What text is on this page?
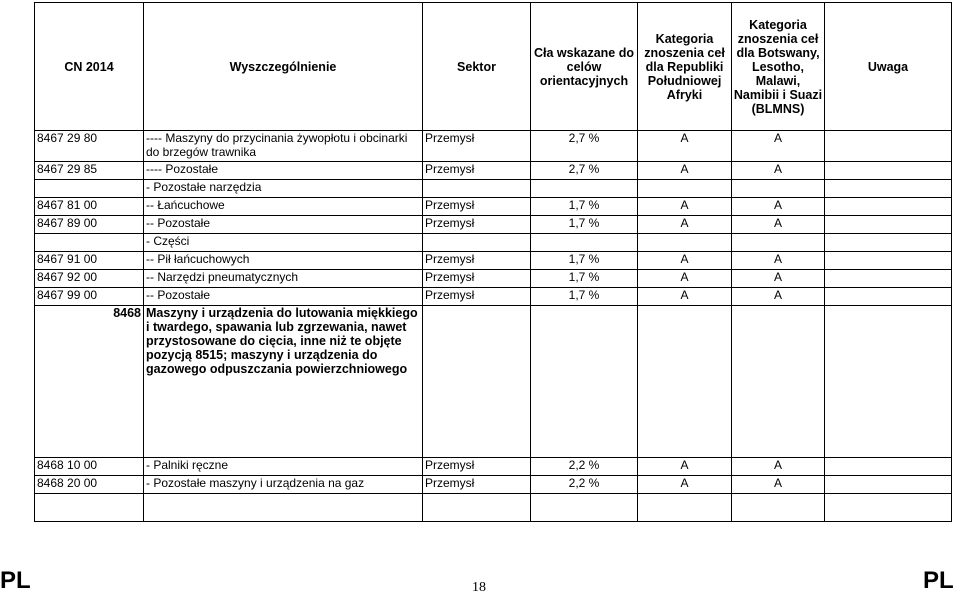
CN 2014	Wyszczególnienie	Sektor	Cła wskazane do celów orientacyjnych	Kategoria znoszenia ceł dla Republiki Południowej Afryki	Kategoria znoszenia ceł dla Botswany, Lesotho, Malawi, Namibii i Suazi (BLMNS)	Uwaga
8467 29 80	---- Maszyny do przycinania żywopłotu i obcinarki do brzegów trawnika	Przemysł	2,7 %	A	A	
8467 29 85	---- Pozostałe	Przemysł	2,7 %	A	A	
	- Pozostałe narzędzia					
8467 81 00	-- Łańcuchowe	Przemysł	1,7 %	A	A	
8467 89 00	-- Pozostałe	Przemysł	1,7 %	A	A	
	- Części					
8467 91 00	-- Pił łańcuchowych	Przemysł	1,7 %	A	A	
8467 92 00	-- Narzędzi pneumatycznych	Przemysł	1,7 %	A	A	
8467 99 00	-- Pozostałe	Przemysł	1,7 %	A	A	
8468	Maszyny i urządzenia do lutowania miękkiego i twardego, spawania lub zgrzewania, nawet przystosowane do cięcia, inne niż te objęte pozycją 8515; maszyny i urządzenia do gazowego odpuszczania powierzchniowego					
8468 10 00	- Palniki ręczne	Przemysł	2,2 %	A	A	
8468 20 00	- Pozostałe maszyny i urządzenia na gaz	Przemysł	2,2 %	A	A	

PL	18	PL
